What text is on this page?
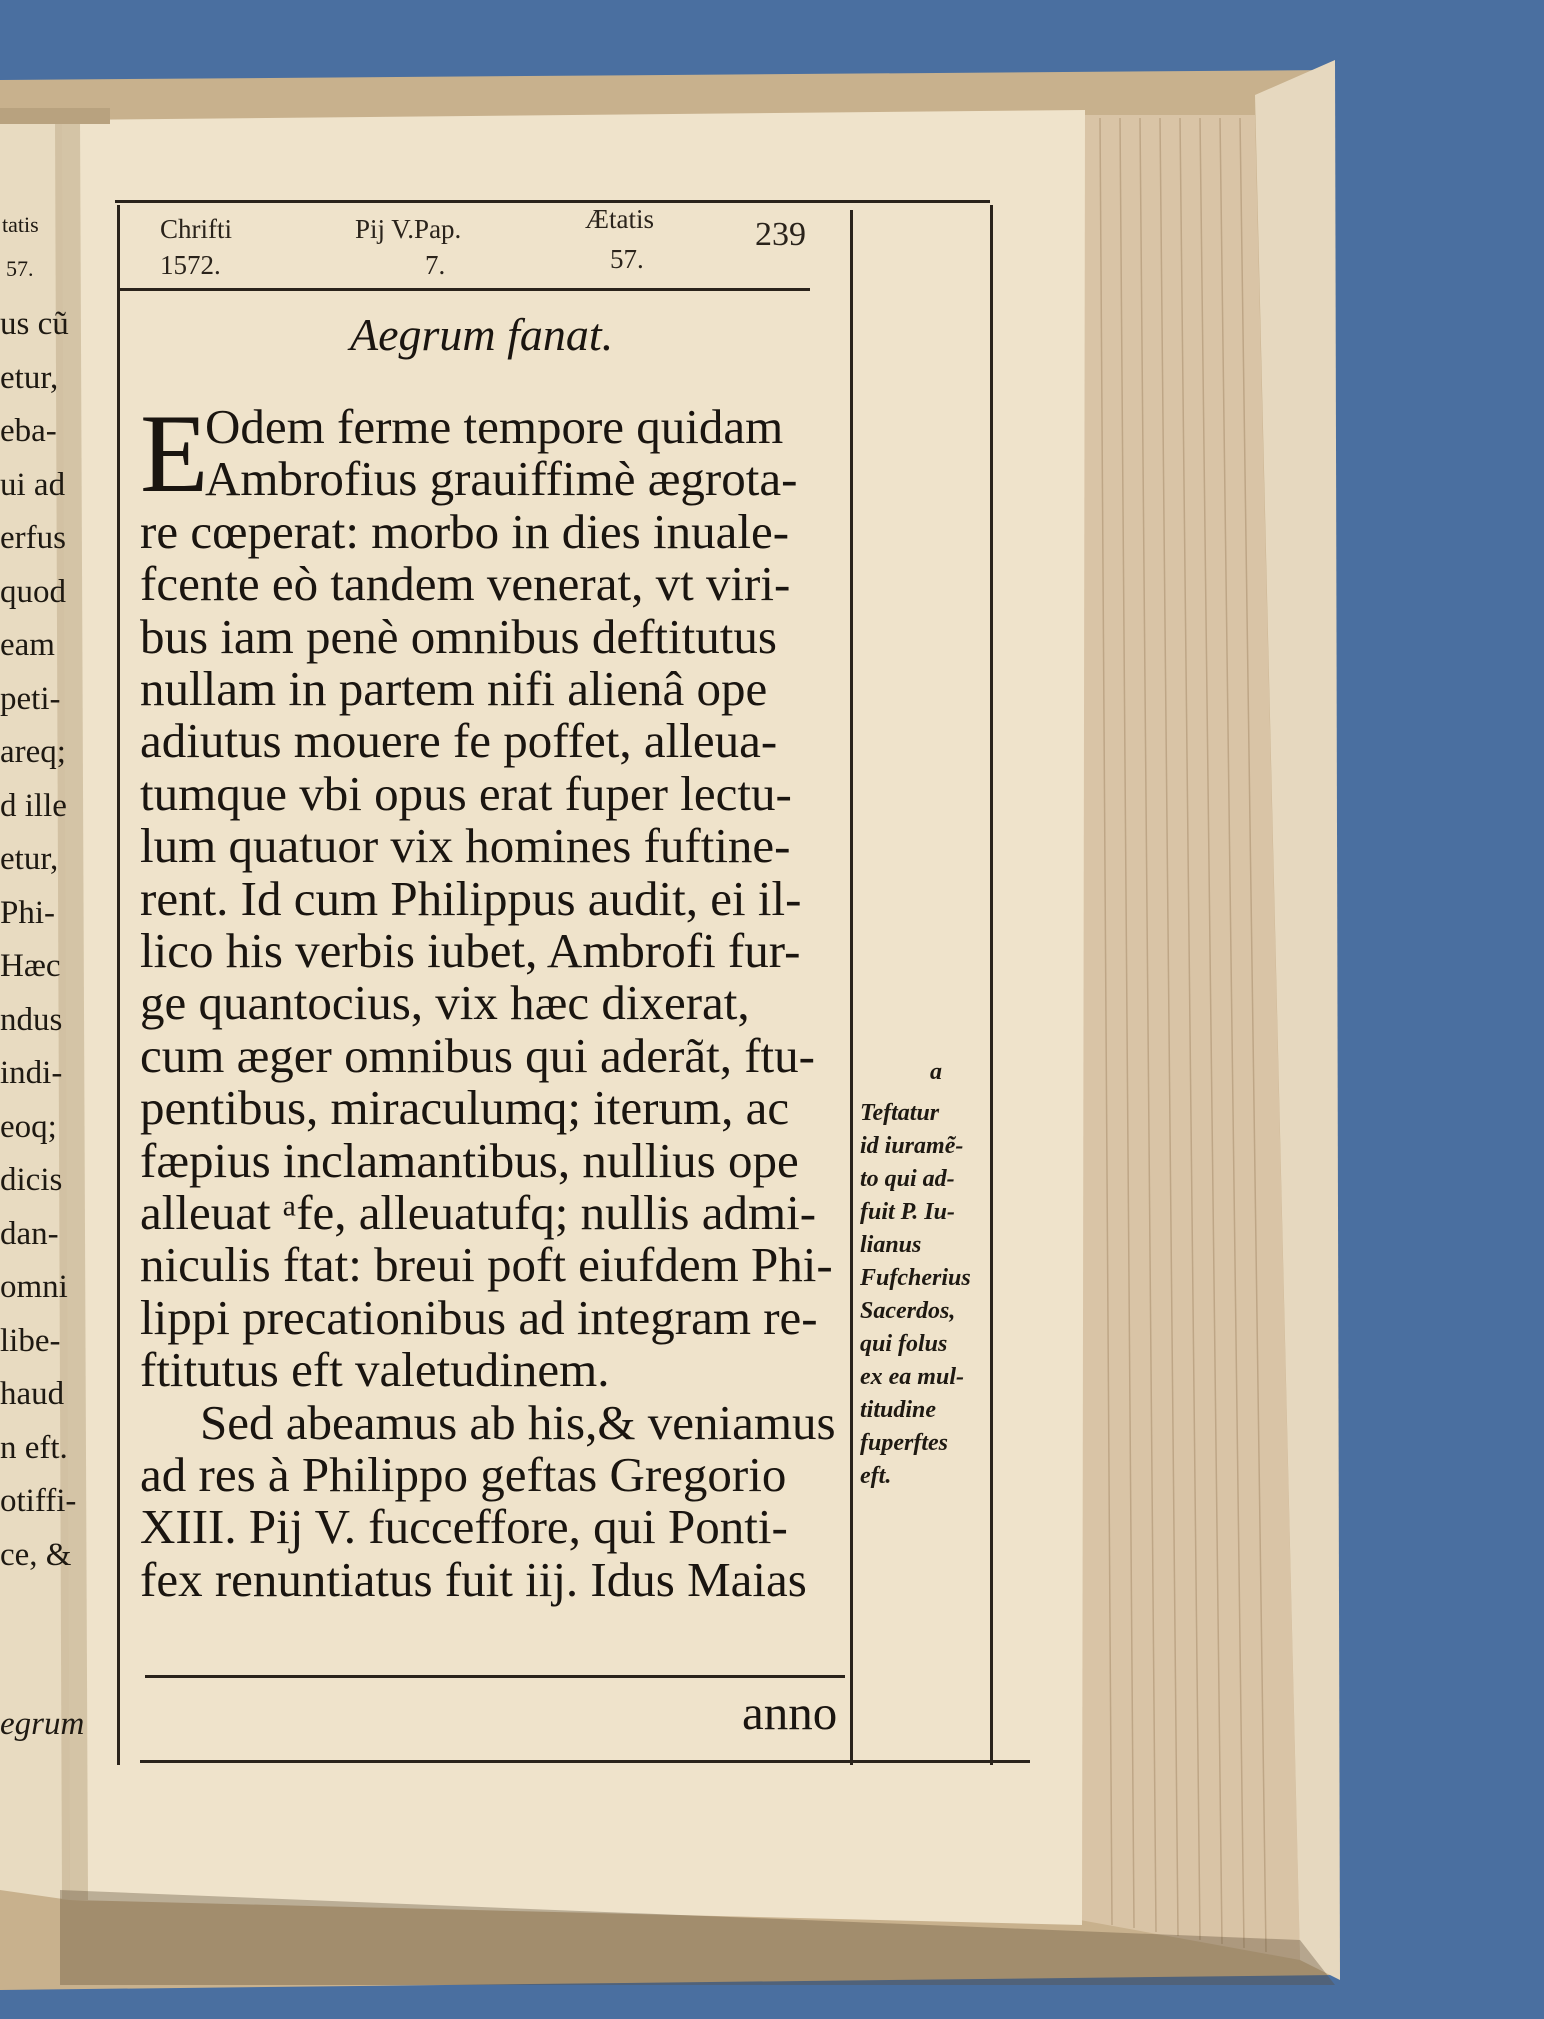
Chrifti
1572.
Pij V.Pap.
7.
Ætatis
57.
239
Aegrum fanat.
E
Odem ferme tempore quidam
Ambrofius grauiffimè ægrota-
re cœperat: morbo in dies inuale-
fcente eò tandem venerat, vt viri-
bus iam penè omnibus deftitutus
nullam in partem nifi alienâ ope
adiutus mouere fe poffet, alleua-
tumque vbi opus erat fuper lectu-
lum quatuor vix homines fuftine-
rent. Id cum Philippus audit, ei il-
lico his verbis iubet, Ambrofi fur-
ge quantocius, vix hæc dixerat,
cum æger omnibus qui aderãt, ftu-
pentibus, miraculumq; iterum, ac
fæpius inclamantibus, nullius ope
alleuat ᵃfe, alleuatufq; nullis admi-
niculis ftat: breui poft eiufdem Phi-
lippi precationibus ad integram re-
ftitutus eft valetudinem.
Sed abeamus ab his,& veniamus
ad res à Philippo geftas Gregorio
XIII. Pij V. fucceffore, qui Ponti-
fex renuntiatus fuit iij. Idus Maias
anno
a
Teftatur
id iuramẽ-
to qui ad-
fuit P. Iu-
lianus
Fufcherius
Sacerdos,
qui folus
ex ea mul-
titudine
fuperftes
eft.
tatis
57.
us cũ
etur,
eba-
ui ad
erfus
quod
eam
peti-
areq;
d ille
etur,
Phi-
Hæc
ndus
indi-
eoq;
dicis
dan-
omni
libe-
haud
n eft.
otiffi-
ce, &
egrum
